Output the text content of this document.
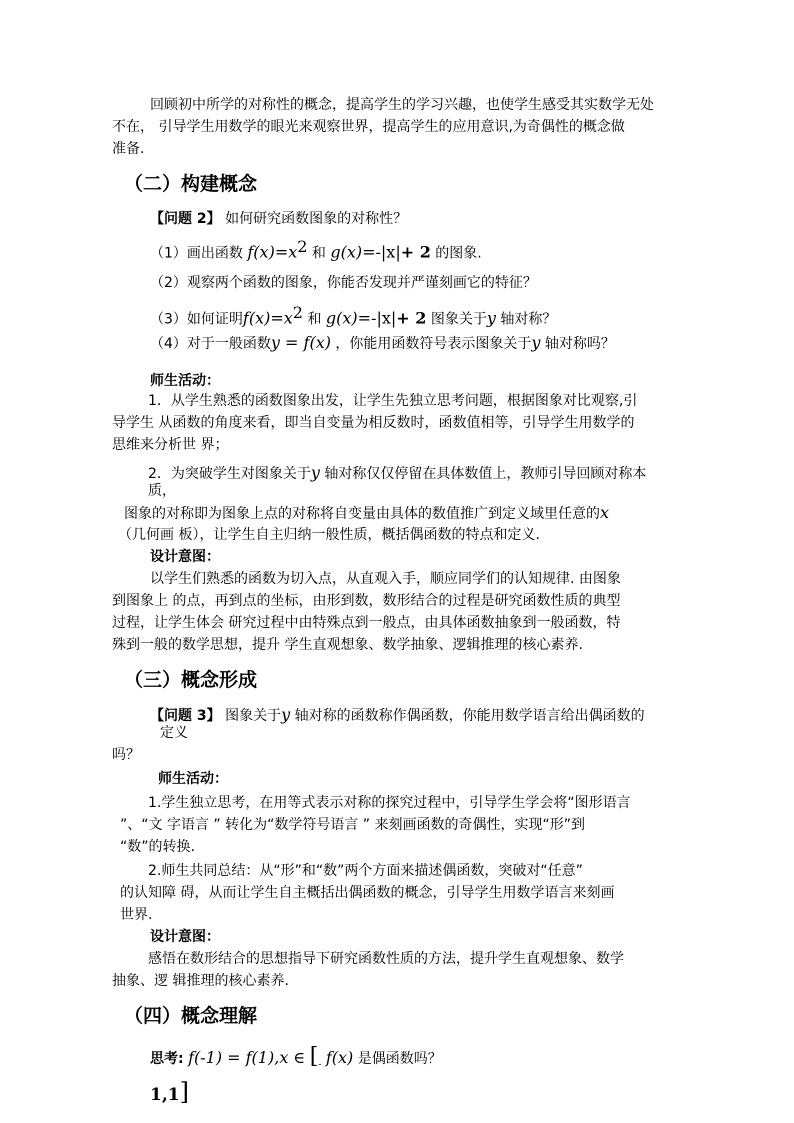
回顾初中所学的对称性的概念，提高学生的学习兴趣，也使学生感受其实数学无处
不在， 引导学生用数学的眼光来观察世界，提高学生的应用意识,为奇偶性的概念做
准备.
（二）构建概念
【问题 2】 如何研究函数图象的对称性？
（1）画出函数 $f(x)=x^2$ 和 g(x)=-|x|+ 2 的图象.
（2）观察两个函数的图象，你能否发现并严谨刻画它的特征？
（3）如何证明$f(x)=x^2$ 和 g(x)=-|x|+ 2 图象关于y 轴对称？
（4）对于一般函数y = f(x) ，你能用函数符号表示图象关于y 轴对称吗？
师生活动：
1．从学生熟悉的函数图象出发，让学生先独立思考问题，根据图象对比观察,引
导学生 从函数的角度来看，即当自变量为相反数时，函数值相等，引导学生用数学的
思维来分析世 界；
2．为突破学生对图象关于y 轴对称仅仅停留在具体数值上，教师引导回顾对称本
质，
图象的对称即为图象上点的对称将自变量由具体的数值推广到定义域里任意的x
（几何画 板），让学生自主归纳一般性质，概括偶函数的特点和定义.
设计意图：
以学生们熟悉的函数为切入点，从直观入手，顺应同学们的认知规律. 由图象
到图象上 的点，再到点的坐标，由形到数，数形结合的过程是研究函数性质的典型
过程，让学生体会 研究过程中由特殊点到一般点，由具体函数抽象到一般函数，特
殊到一般的数学思想，提升 学生直观想象、数学抽象、逻辑推理的核心素养.
（三）概念形成
【问题 3】 图象关于y 轴对称的函数称作偶函数，你能用数学语言给出偶函数的
定义
吗？
师生活动：
1.学生独立思考，在用等式表示对称的探究过程中，引导学生学会将“图形语言
”、“文 字语言 ” 转化为“数学符号语言 ” 来刻画函数的奇偶性，实现“形”到
“数”的转换.
2.师生共同总结：从“形”和“数”两个方面来描述偶函数，突破对“任意”
的认知障 碍，从而让学生自主概括出偶函数的概念，引导学生用数学语言来刻画
世界.
设计意图：
感悟在数形结合的思想指导下研究函数性质的方法，提升学生直观想象、数学
抽象、逻 辑推理的核心素养.
（四）概念理解
思考: f(-1) = f(1),x ∈ [$_-$ f(x) 是偶函数吗？
1,1]
